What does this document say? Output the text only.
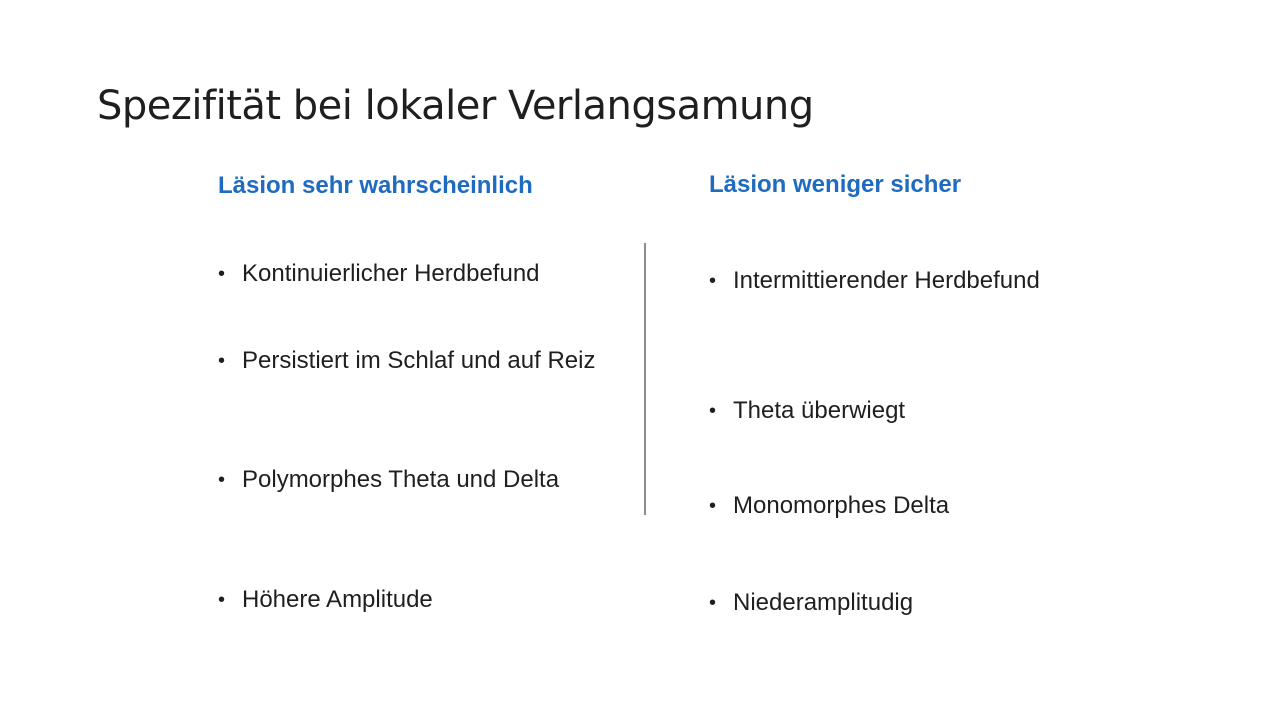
Spezifität bei lokaler Verlangsamung
Läsion sehr wahrscheinlich
• Kontinuierlicher Herdbefund
• Persistiert im Schlaf und auf Reiz
• Polymorphes Theta und Delta
• Höhere Amplitude
Läsion weniger sicher
• Intermittierender Herdbefund
• Theta überwiegt
• Monomorphes Delta
• Niederamplitudig
